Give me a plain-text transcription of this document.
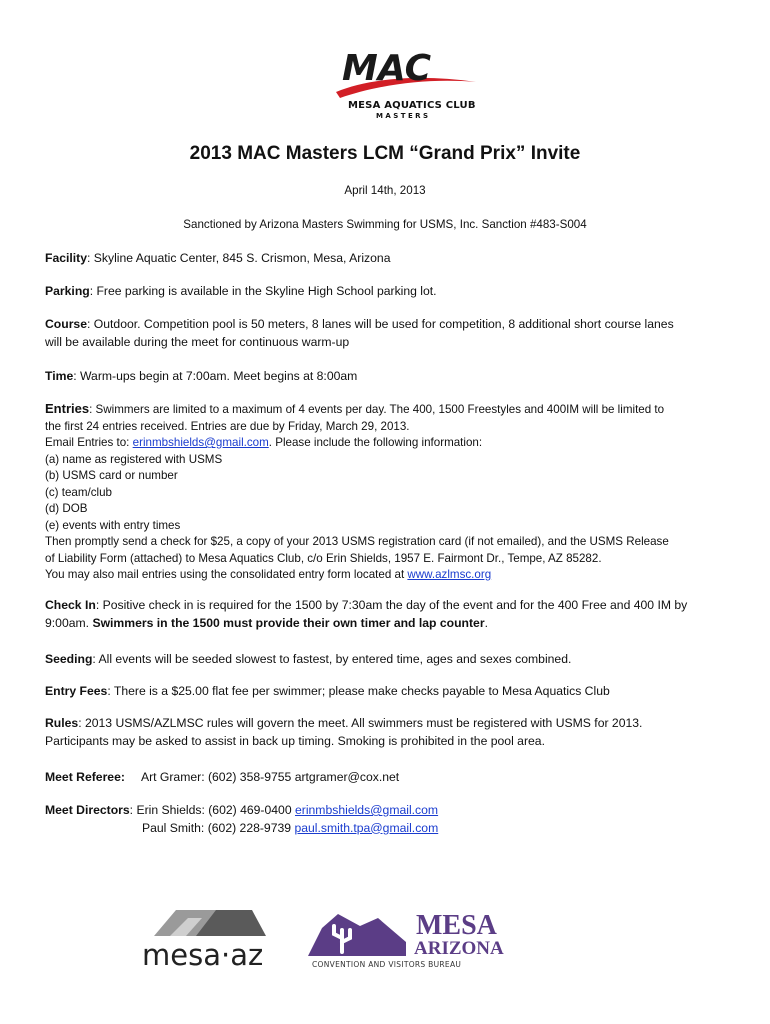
MAC
MESA AQUATICS CLUB
M A S T E R S
2013 MAC Masters LCM “Grand Prix” Invite
April 14th, 2013
Sanctioned by Arizona Masters Swimming for USMS, Inc. Sanction #483-S004
Facility: Skyline Aquatic Center, 845 S. Crismon, Mesa, Arizona
Parking: Free parking is available in the Skyline High School parking lot.
Course: Outdoor. Competition pool is 50 meters, 8 lanes will be used for competition, 8 additional short course lanes
will be available during the meet for continuous warm-up
Time: Warm-ups begin at 7:00am. Meet begins at 8:00am
Entries: Swimmers are limited to a maximum of 4 events per day. The 400, 1500 Freestyles and 400IM will be limited to
the first 24 entries received. Entries are due by Friday, March 29, 2013.
Email Entries to: erinmbshields@gmail.com. Please include the following information:
(a) name as registered with USMS
(b) USMS card or number
(c) team/club
(d) DOB
(e) events with entry times
Then promptly send a check for $25, a copy of your 2013 USMS registration card (if not emailed), and the USMS Release
of Liability Form (attached) to Mesa Aquatics Club, c/o Erin Shields, 1957 E. Fairmont Dr., Tempe, AZ 85282.
You may also mail entries using the consolidated entry form located at www.azlmsc.org
Check In: Positive check in is required for the 1500 by 7:30am the day of the event and for the 400 Free and 400 IM by
9:00am. Swimmers in the 1500 must provide their own timer and lap counter.
Seeding: All events will be seeded slowest to fastest, by entered time, ages and sexes combined.
Entry Fees: There is a $25.00 flat fee per swimmer; please make checks payable to Mesa Aquatics Club
Rules: 2013 USMS/AZLMSC rules will govern the meet. All swimmers must be registered with USMS for 2013.
Participants may be asked to assist in back up timing. Smoking is prohibited in the pool area.
Meet Referee: Art Gramer: (602) 358-9755 artgramer@cox.net
Meet Directors: Erin Shields: (602) 469-0400 erinmbshields@gmail.com
Paul Smith: (602) 228-9739 paul.smith.tpa@gmail.com
mesa·az
MESA
ARIZONA
CONVENTION AND VISITORS BUREAU
